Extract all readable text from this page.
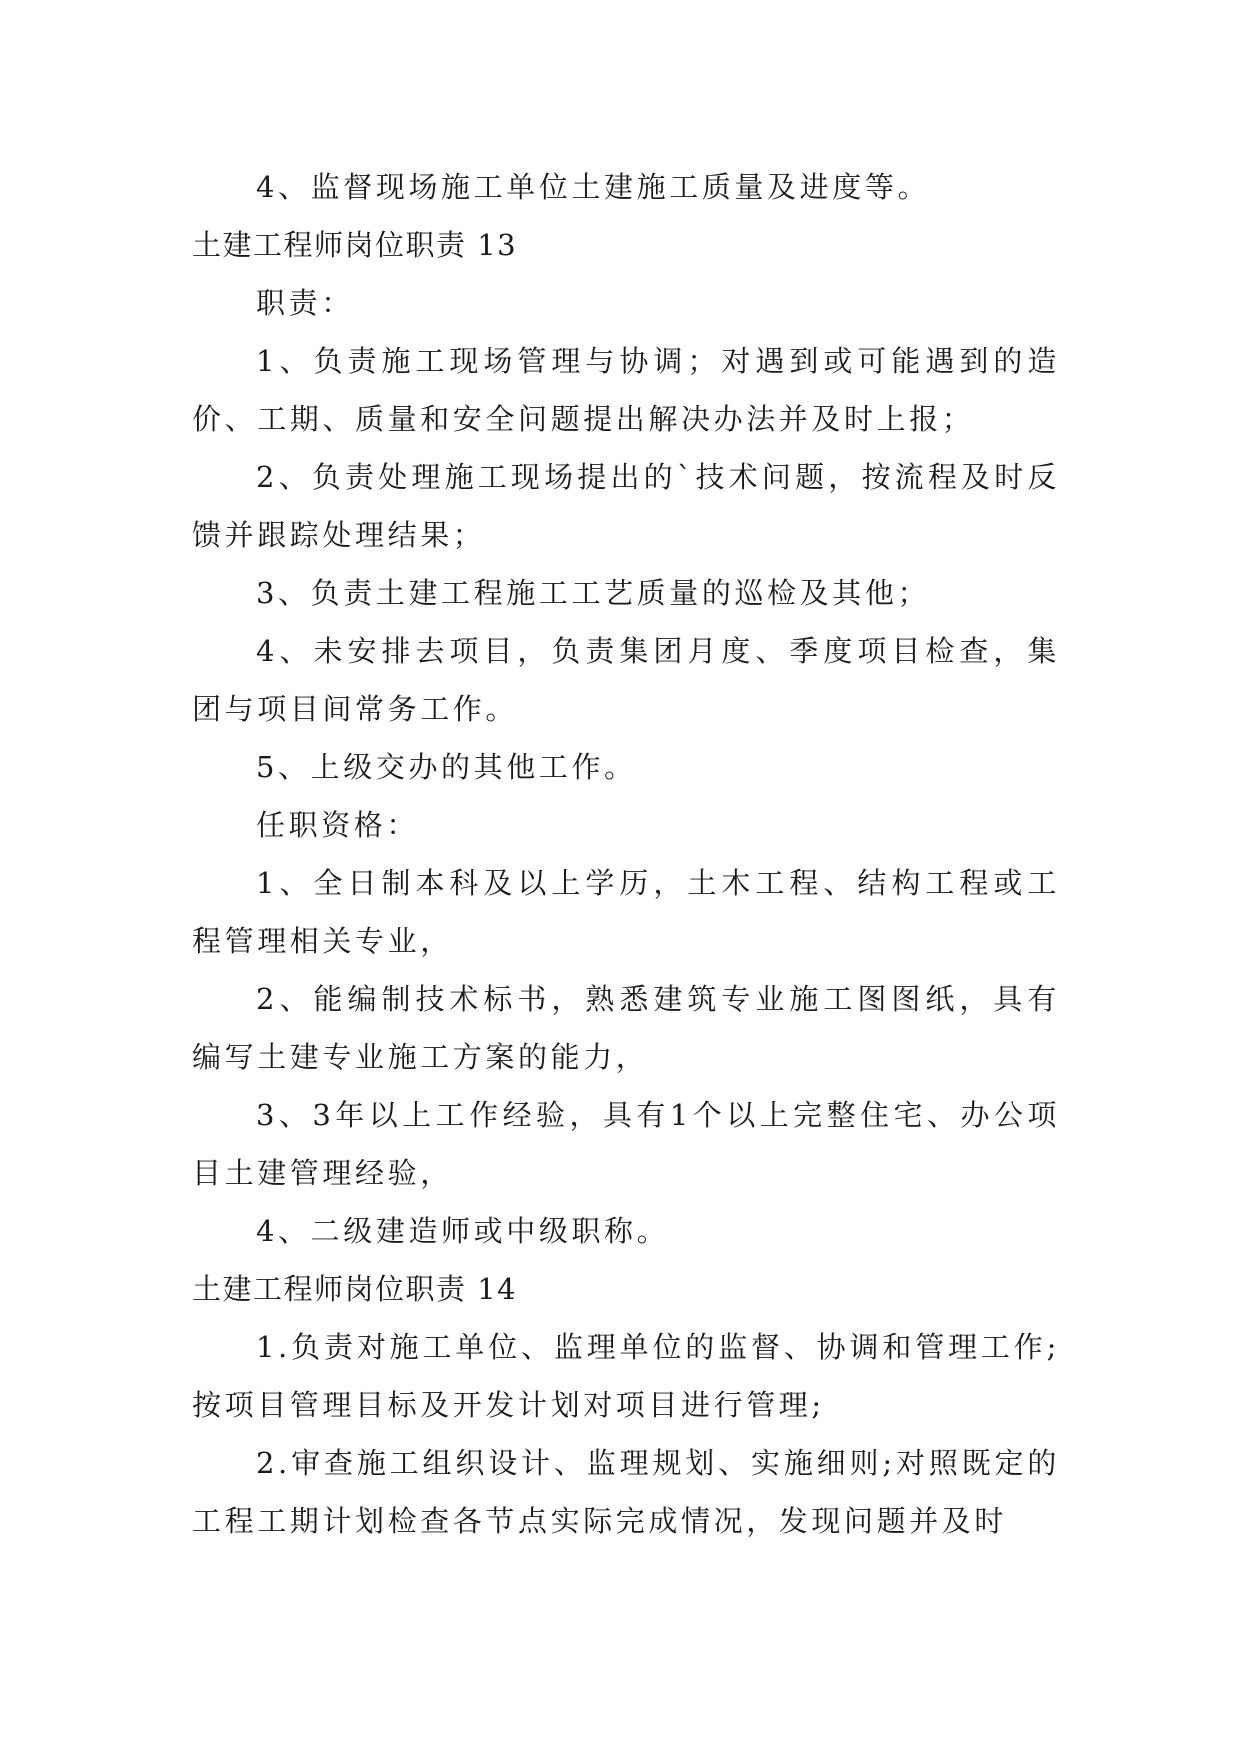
4、监督现场施工单位土建施工质量及进度等。

土建工程师岗位职责 13

职责：

1、负责施工现场管理与协调；对遇到或可能遇到的造价、工期、质量和安全问题提出解决办法并及时上报；

2、负责处理施工现场提出的`技术问题，按流程及时反馈并跟踪处理结果；

3、负责土建工程施工工艺质量的巡检及其他；

4、未安排去项目，负责集团月度、季度项目检查，集团与项目间常务工作。

5、上级交办的其他工作。

任职资格：

1、全日制本科及以上学历，土木工程、结构工程或工程管理相关专业，

2、能编制技术标书，熟悉建筑专业施工图图纸，具有编写土建专业施工方案的能力，

3、3年以上工作经验，具有1个以上完整住宅、办公项目土建管理经验，

4、二级建造师或中级职称。

土建工程师岗位职责 14

1.负责对施工单位、监理单位的监督、协调和管理工作;按项目管理目标及开发计划对项目进行管理;

2.审查施工组织设计、监理规划、实施细则;对照既定的工程工期计划检查各节点实际完成情况，发现问题并及时
